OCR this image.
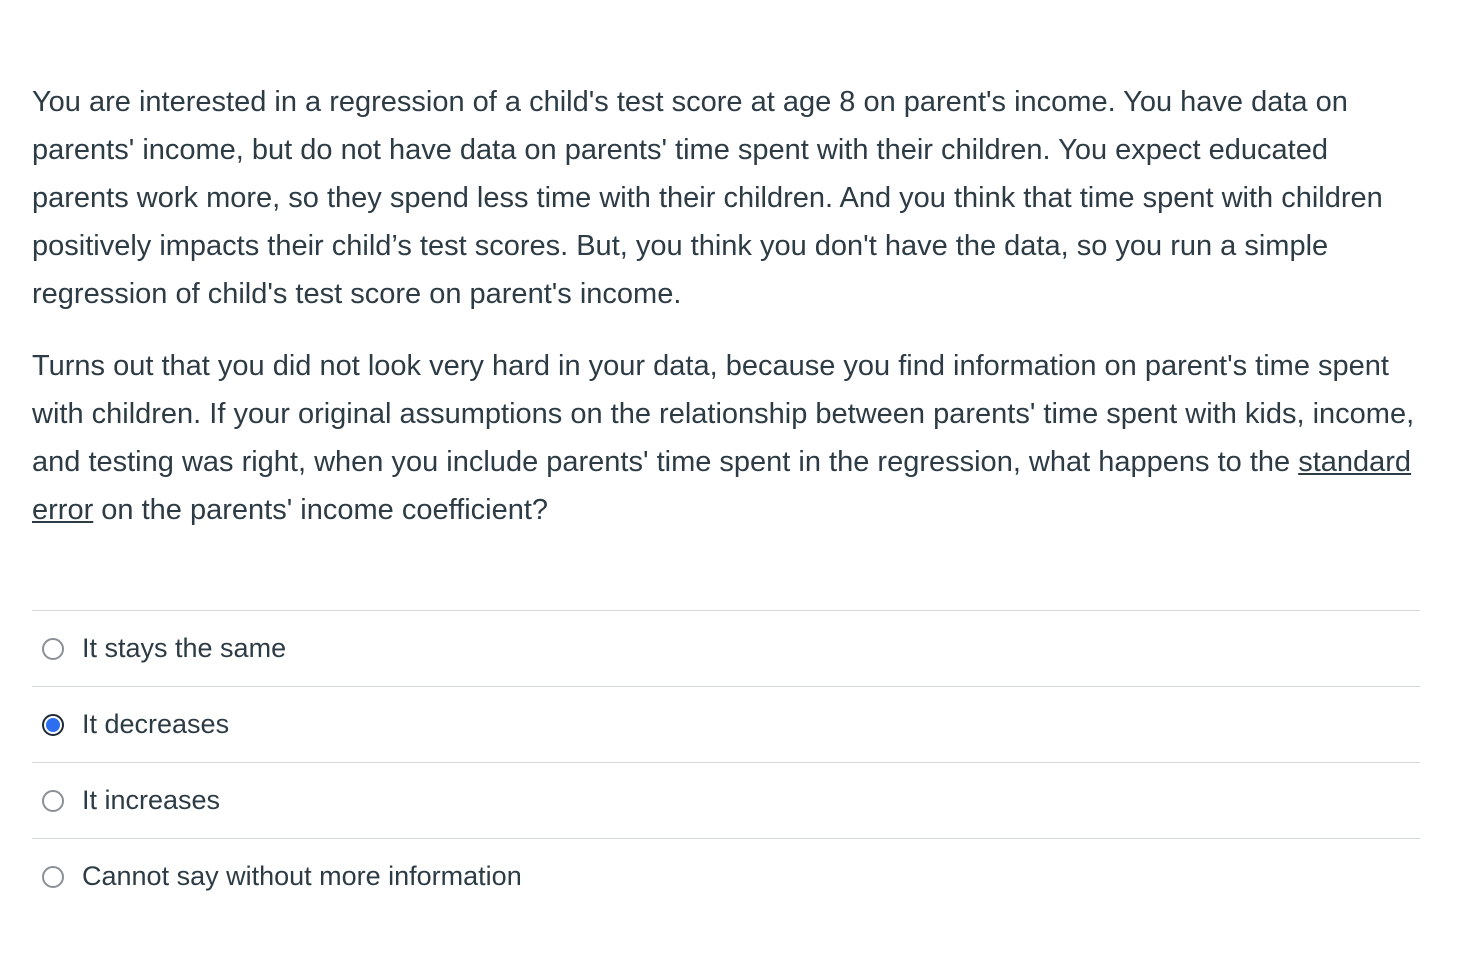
You are interested in a regression of a child's test score at age 8 on parent's income. You have data on parents' income, but do not have data on parents' time spent with their children. You expect educated parents work more, so they spend less time with their children. And you think that time spent with children positively impacts their child’s test scores. But, you think you don't have the data, so you run a simple regression of child's test score on parent's income.

Turns out that you did not look very hard in your data, because you find information on parent's time spent with children. If your original assumptions on the relationship between parents' time spent with kids, income, and testing was right, when you include parents' time spent in the regression, what happens to the standard error on the parents' income coefficient?

It stays the same
It decreases
It increases
Cannot say without more information
